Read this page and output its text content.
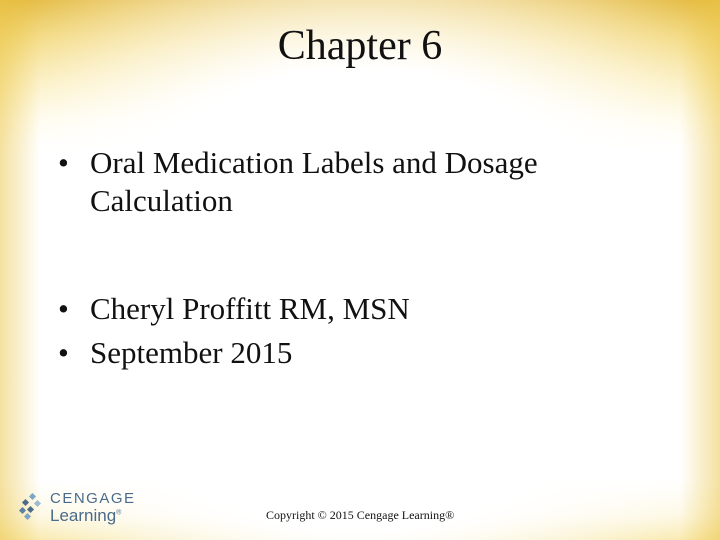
Chapter 6
• Oral Medication Labels and Dosage Calculation
• Cheryl Proffitt RM, MSN
• September 2015
CENGAGE
Learning®	Copyright © 2015 Cengage Learning®
